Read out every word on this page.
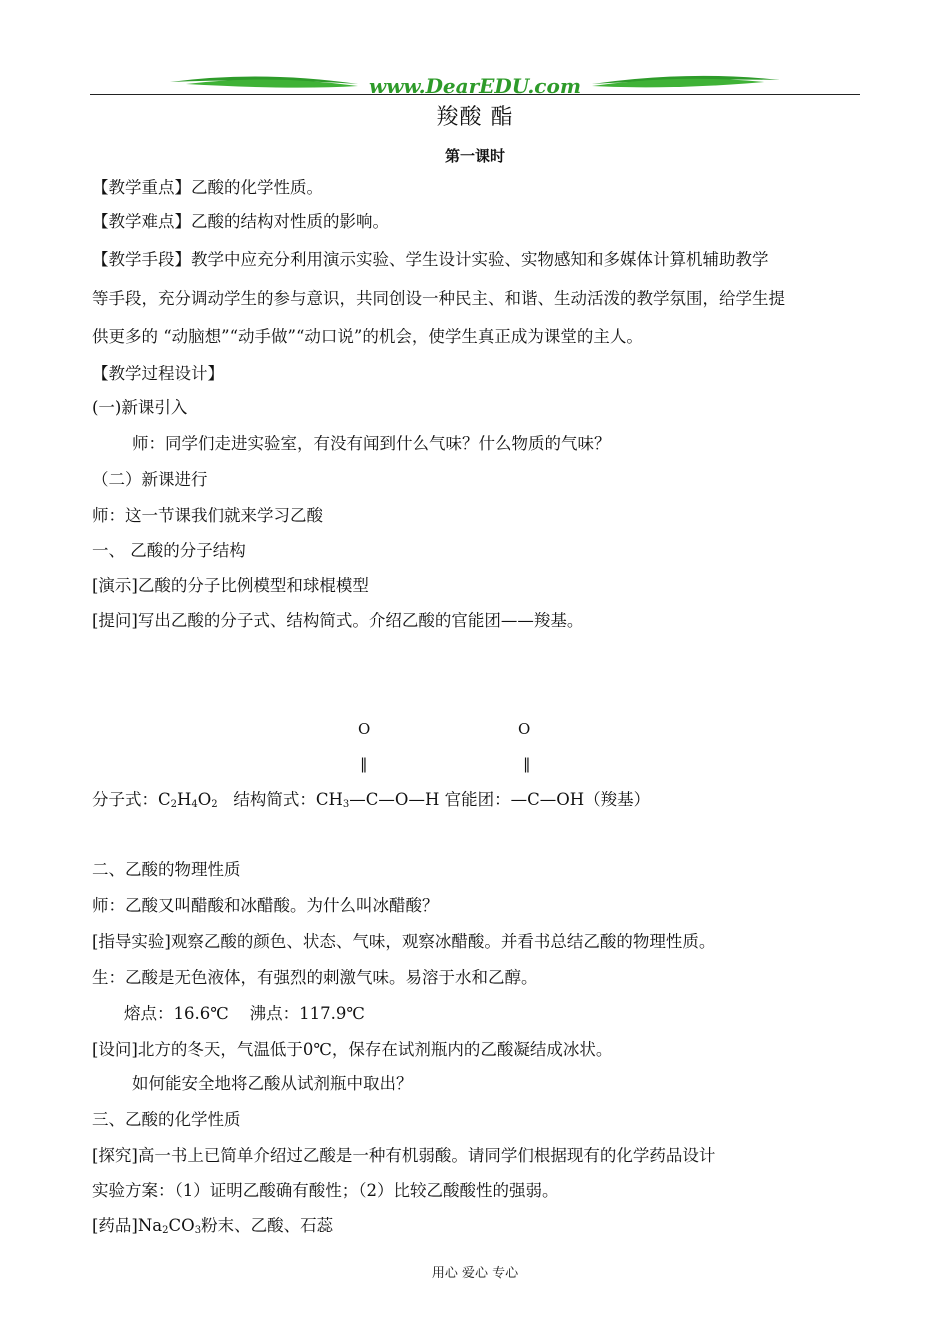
www.DearEDU.com
羧酸 酯
第一课时
【教学重点】乙酸的化学性质。
【教学难点】乙酸的结构对性质的影响。
【教学手段】教学中应充分利用演示实验、学生设计实验、实物感知和多媒体计算机辅助教学
等手段，充分调动学生的参与意识，共同创设一种民主、和谐、生动活泼的教学氛围，给学生提
供更多的 “动脑想”“动手做”“动口说”的机会，使学生真正成为课堂的主人。
【教学过程设计】
(一)新课引入
师：同学们走进实验室，有没有闻到什么气味？什么物质的气味？
（二）新课进行
师：这一节课我们就来学习乙酸
一、 乙酸的分子结构
[演示]乙酸的分子比例模型和球棍模型
[提问]写出乙酸的分子式、结构简式。介绍乙酸的官能团——羧基。
O	O
‖	‖
分子式：$C_2H_4O_2$   结构简式：$CH_3—C—O—H$ 官能团：—C—OH（羧基）
二、乙酸的物理性质
师：乙酸又叫醋酸和冰醋酸。为什么叫冰醋酸？
[指导实验]观察乙酸的颜色、状态、气味，观察冰醋酸。并看书总结乙酸的物理性质。
生：乙酸是无色液体，有强烈的刺激气味。易溶于水和乙醇。
熔点：16.6℃    沸点：117.9℃
[设问]北方的冬天，气温低于0℃，保存在试剂瓶内的乙酸凝结成冰状。
如何能安全地将乙酸从试剂瓶中取出？
三、乙酸的化学性质
[探究]高一书上已简单介绍过乙酸是一种有机弱酸。请同学们根据现有的化学药品设计
实验方案：（1）证明乙酸确有酸性；（2）比较乙酸酸性的强弱。
[药品]$Na_2CO_3$粉末、乙酸、石蕊
用心 爱心 专心
